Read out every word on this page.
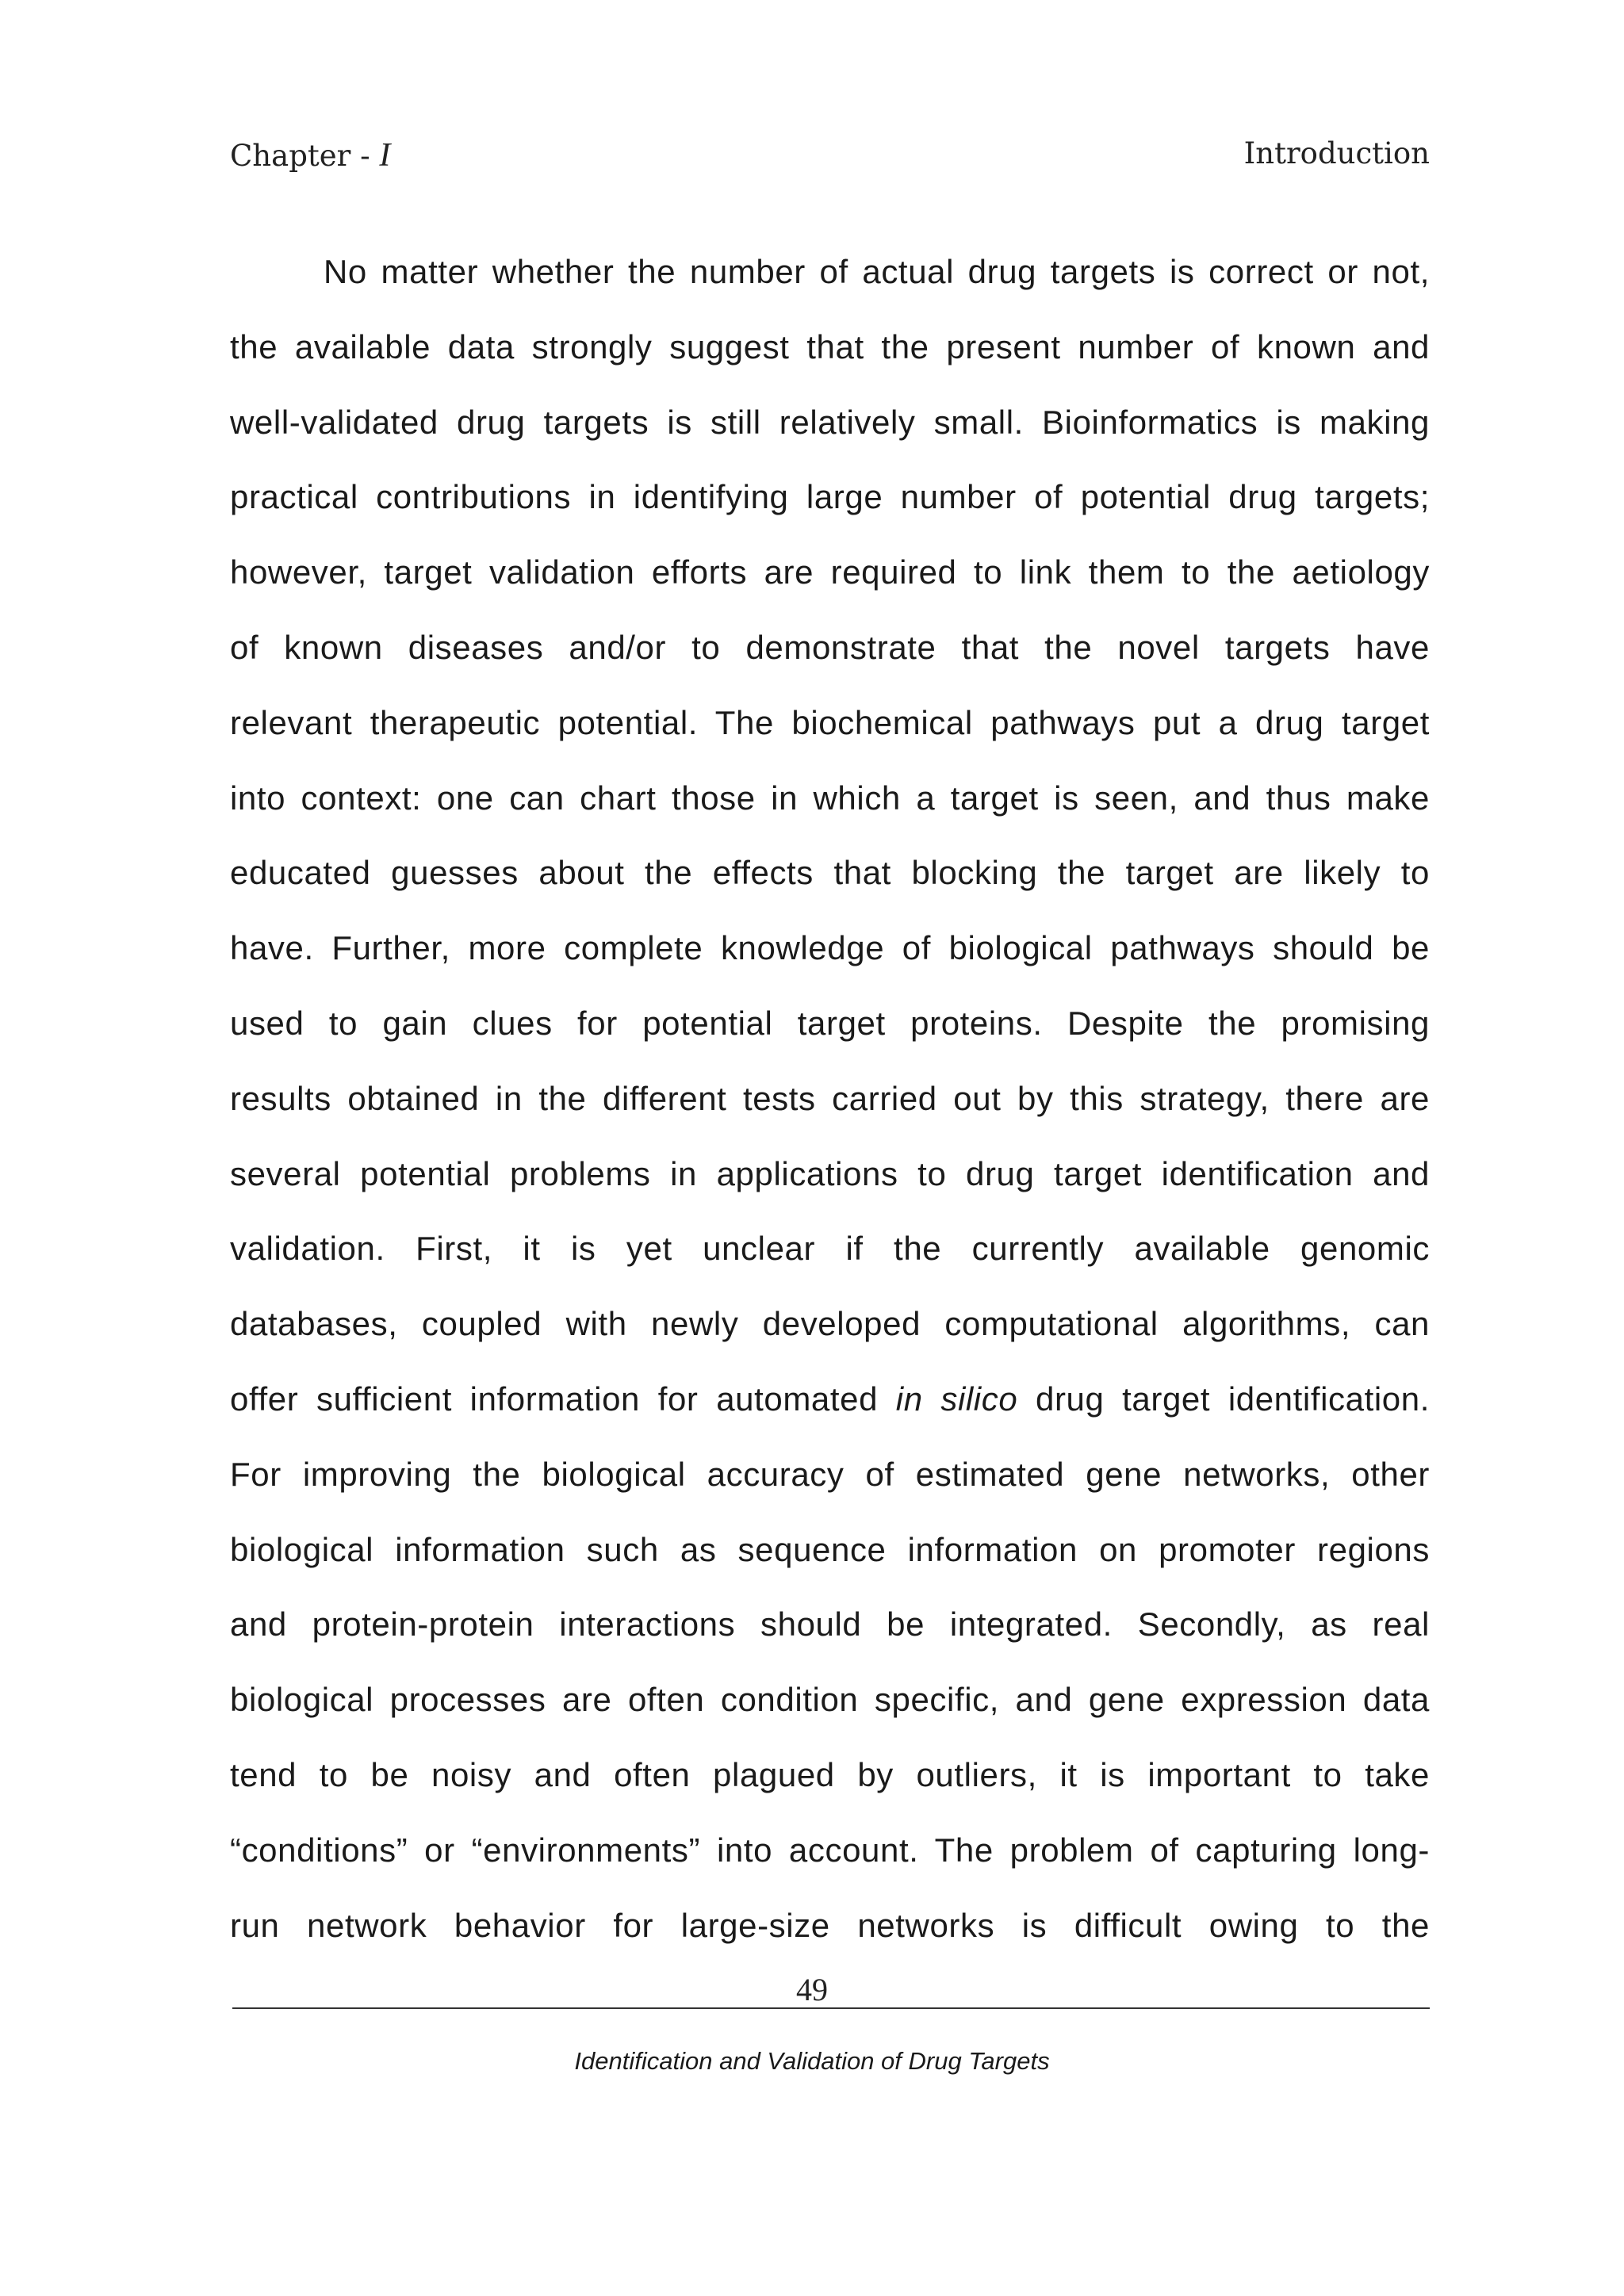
Chapter - I	Introduction
No matter whether the number of actual drug targets is correct or not,
the available data strongly suggest that the present number of known and
well-validated drug targets is still relatively small. Bioinformatics is making
practical contributions in identifying large number of potential drug targets;
however, target validation efforts are required to link them to the aetiology
of known diseases and/or to demonstrate that the novel targets have
relevant therapeutic potential. The biochemical pathways put a drug target
into context: one can chart those in which a target is seen, and thus make
educated guesses about the effects that blocking the target are likely to
have. Further, more complete knowledge of biological pathways should be
used to gain clues for potential target proteins. Despite the promising
results obtained in the different tests carried out by this strategy, there are
several potential problems in applications to drug target identification and
validation. First, it is yet unclear if the currently available genomic
databases, coupled with newly developed computational algorithms, can
offer sufficient information for automated in silico drug target identification.
For improving the biological accuracy of estimated gene networks, other
biological information such as sequence information on promoter regions
and protein-protein interactions should be integrated. Secondly, as real
biological processes are often condition specific, and gene expression data
tend to be noisy and often plagued by outliers, it is important to take
“conditions” or “environments” into account. The problem of capturing long-
run network behavior for large-size networks is difficult owing to the
49
Identification and Validation of Drug Targets
